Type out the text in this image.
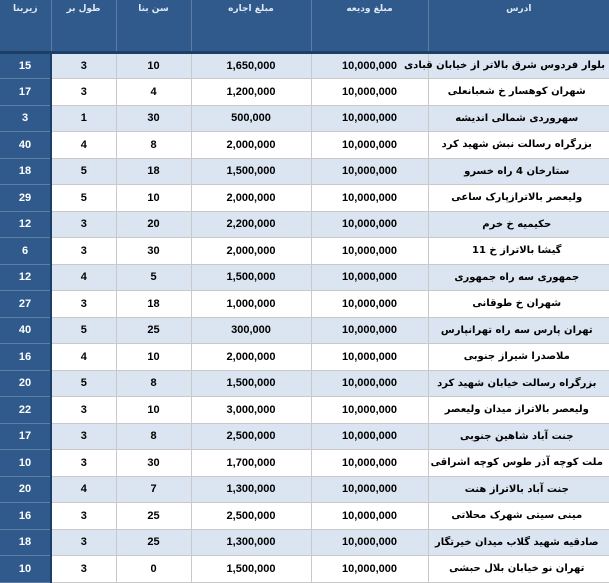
زیربنا	طول بر	سن بنا	مبلغ اجاره	مبلغ ودیعه	ادرس
15	3	10	1,650,000	10,000,000	بلوار فردوس شرق بالاتر از خیابان قبادی
17	3	4	1,200,000	10,000,000	شهران کوهسار خ شعبانعلی
3	1	30	500,000	10,000,000	سهروردی شمالی اندیشه
40	4	8	2,000,000	10,000,000	بزرگراه رسالت نبش شهید کرد
18	5	18	1,500,000	10,000,000	ستارخان 4 راه خسرو
29	5	10	2,000,000	10,000,000	ولیعصر بالاترازپارک ساعی
12	3	20	2,200,000	10,000,000	حکیمیه خ خرم
6	3	30	2,000,000	10,000,000	گیشا بالاتراز خ 11
12	4	5	1,500,000	10,000,000	جمهوری سه راه جمهوری
27	3	18	1,000,000	10,000,000	شهران خ طوقانی
40	5	25	300,000	10,000,000	تهران پارس سه راه تهرانپارس
16	4	10	2,000,000	10,000,000	ملاصدرا شیراز جنوبی
20	5	8	1,500,000	10,000,000	بزرگراه رسالت خیابان شهید کرد
22	3	10	3,000,000	10,000,000	ولیعصر بالاتراز میدان ولیعصر
17	3	8	2,500,000	10,000,000	جنت آباد شاهین جنوبی
10	3	30	1,700,000	10,000,000	ملت کوچه آذر طوس کوچه اشراقی
20	4	7	1,300,000	10,000,000	جنت آباد بالاتراز هنت
16	3	25	2,500,000	10,000,000	مینی سیتی شهرک محلاتی
18	3	25	1,300,000	10,000,000	صادقیه شهید گلاب میدان خیرتگار
10	3	0	1,500,000	10,000,000	تهران نو خیابان بلال حبشی
